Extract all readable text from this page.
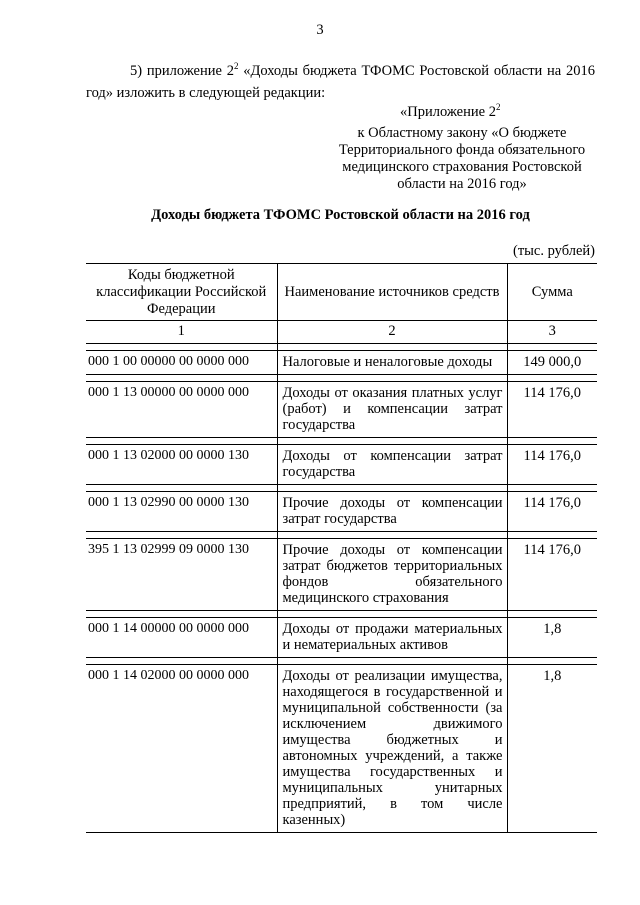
3
5) приложение $2^2$ «Доходы бюджета ТФОМС Ростовской области на 2016 год» изложить в следующей редакции:
«Приложение $2^2$
к Областному закону «О бюджете
Территориального фонда обязательного
медицинского страхования Ростовской
области на 2016 год»
Доходы бюджета ТФОМС Ростовской области на 2016 год
(тыс. рублей)
Коды бюджетной классификации Российской Федерации	Наименование источников средств	Сумма
1	2	3

000 1 00 00000 00 0000 000	Налоговые и неналоговые доходы	149 000,0

000 1 13 00000 00 0000 000	Доходы от оказания платных услуг (работ) и компенсации затрат государства	114 176,0

000 1 13 02000 00 0000 130	Доходы от компенсации затрат государства	114 176,0

000 1 13 02990 00 0000 130	Прочие доходы от компенсации затрат государства	114 176,0

395 1 13 02999 09 0000 130	Прочие доходы от компенсации затрат бюджетов территориальных фондов обязательного медицинского страхования	114 176,0

000 1 14 00000 00 0000 000	Доходы от продажи материальных и нематериальных активов	1,8

000 1 14 02000 00 0000 000	Доходы от реализации имущества, находящегося в государственной и муниципальной собственности (за исключением движимого имущества бюджетных и автономных учреждений, а также имущества государственных и муниципальных унитарных предприятий, в том числе казенных)	1,8
